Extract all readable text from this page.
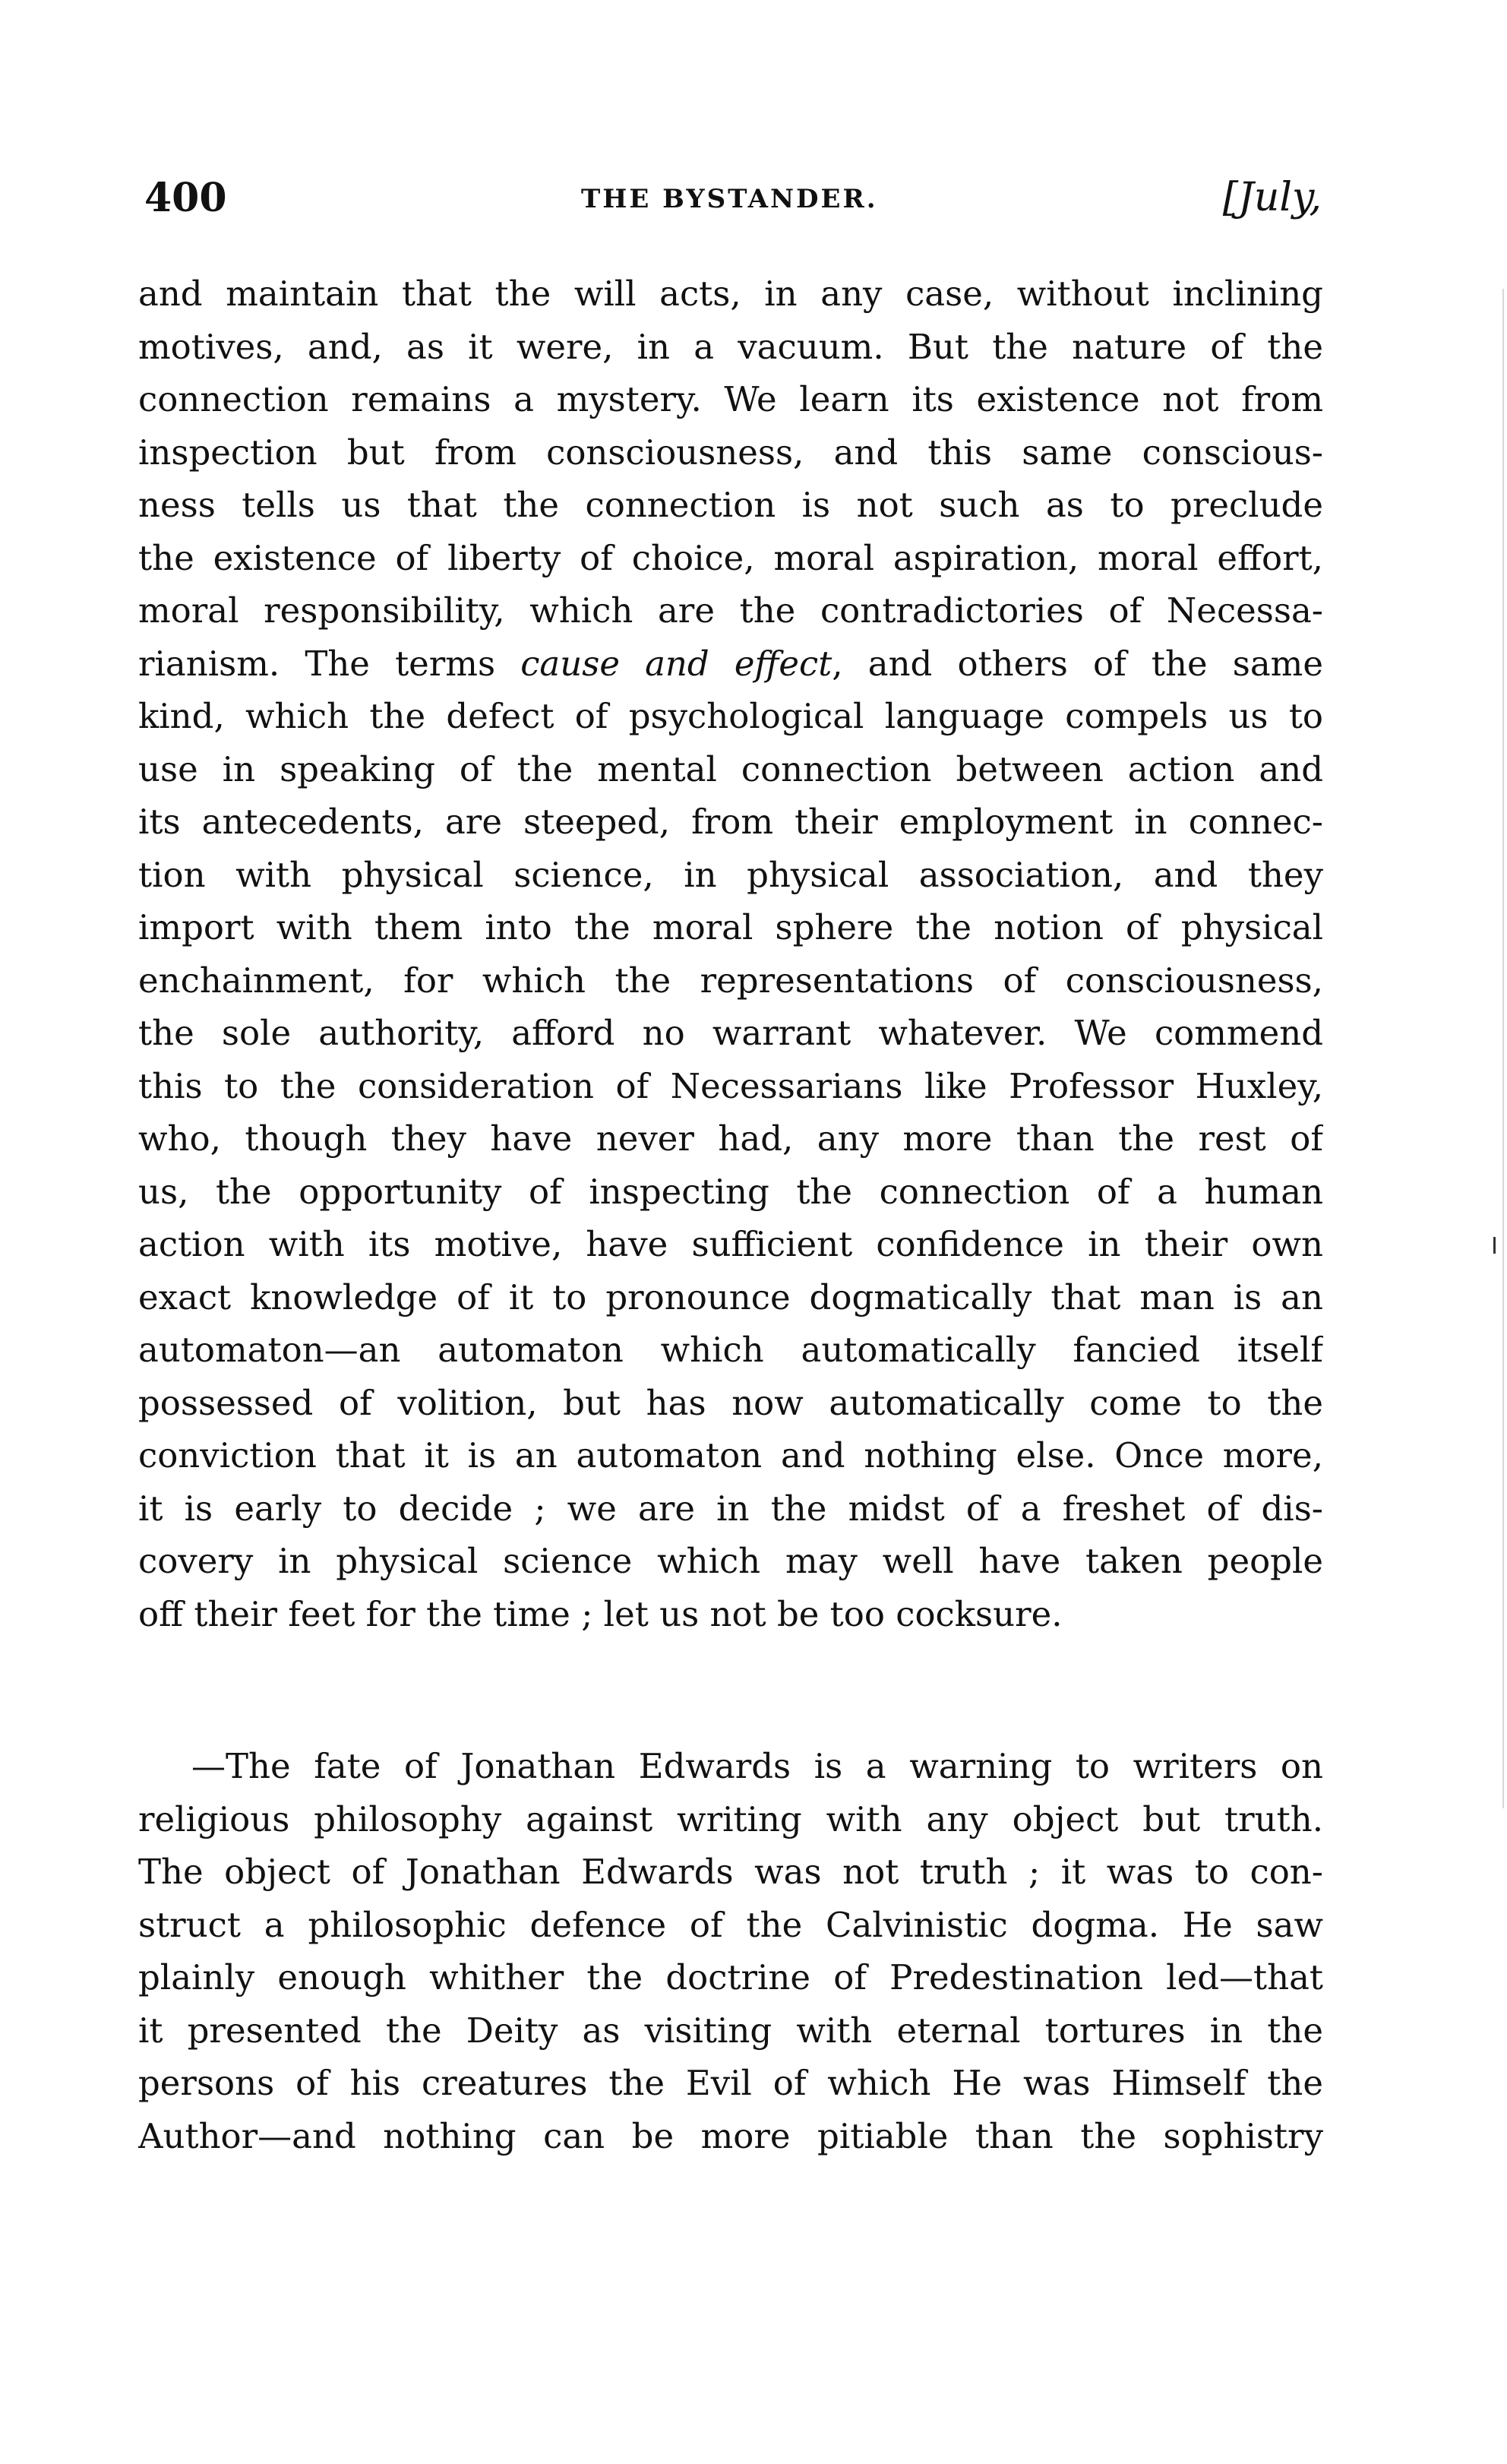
400	THE BYSTANDER.	[July,
and maintain that the will acts, in any case, without inclining
motives, and, as it were, in a vacuum. But the nature of the
connection remains a mystery. We learn its existence not from
inspection but from consciousness, and this same conscious-
ness tells us that the connection is not such as to preclude
the existence of liberty of choice, moral aspiration, moral effort,
moral responsibility, which are the contradictories of Necessa-
rianism. The terms cause and effect, and others of the same
kind, which the defect of psychological language compels us to
use in speaking of the mental connection between action and
its antecedents, are steeped, from their employment in connec-
tion with physical science, in physical association, and they
import with them into the moral sphere the notion of physical
enchainment, for which the representations of consciousness,
the sole authority, afford no warrant whatever. We commend
this to the consideration of Necessarians like Professor Huxley,
who, though they have never had, any more than the rest of
us, the opportunity of inspecting the connection of a human
action with its motive, have sufficient confidence in their own
exact knowledge of it to pronounce dogmatically that man is an
automaton—an automaton which automatically fancied itself
possessed of volition, but has now automatically come to the
conviction that it is an automaton and nothing else. Once more,
it is early to decide ; we are in the midst of a freshet of dis-
covery in physical science which may well have taken people
off their feet for the time ; let us not be too cocksure.
—The fate of Jonathan Edwards is a warning to writers on
religious philosophy against writing with any object but truth.
The object of Jonathan Edwards was not truth ; it was to con-
struct a philosophic defence of the Calvinistic dogma. He saw
plainly enough whither the doctrine of Predestination led—that
it presented the Deity as visiting with eternal tortures in the
persons of his creatures the Evil of which He was Himself the
Author—and nothing can be more pitiable than the sophistry
